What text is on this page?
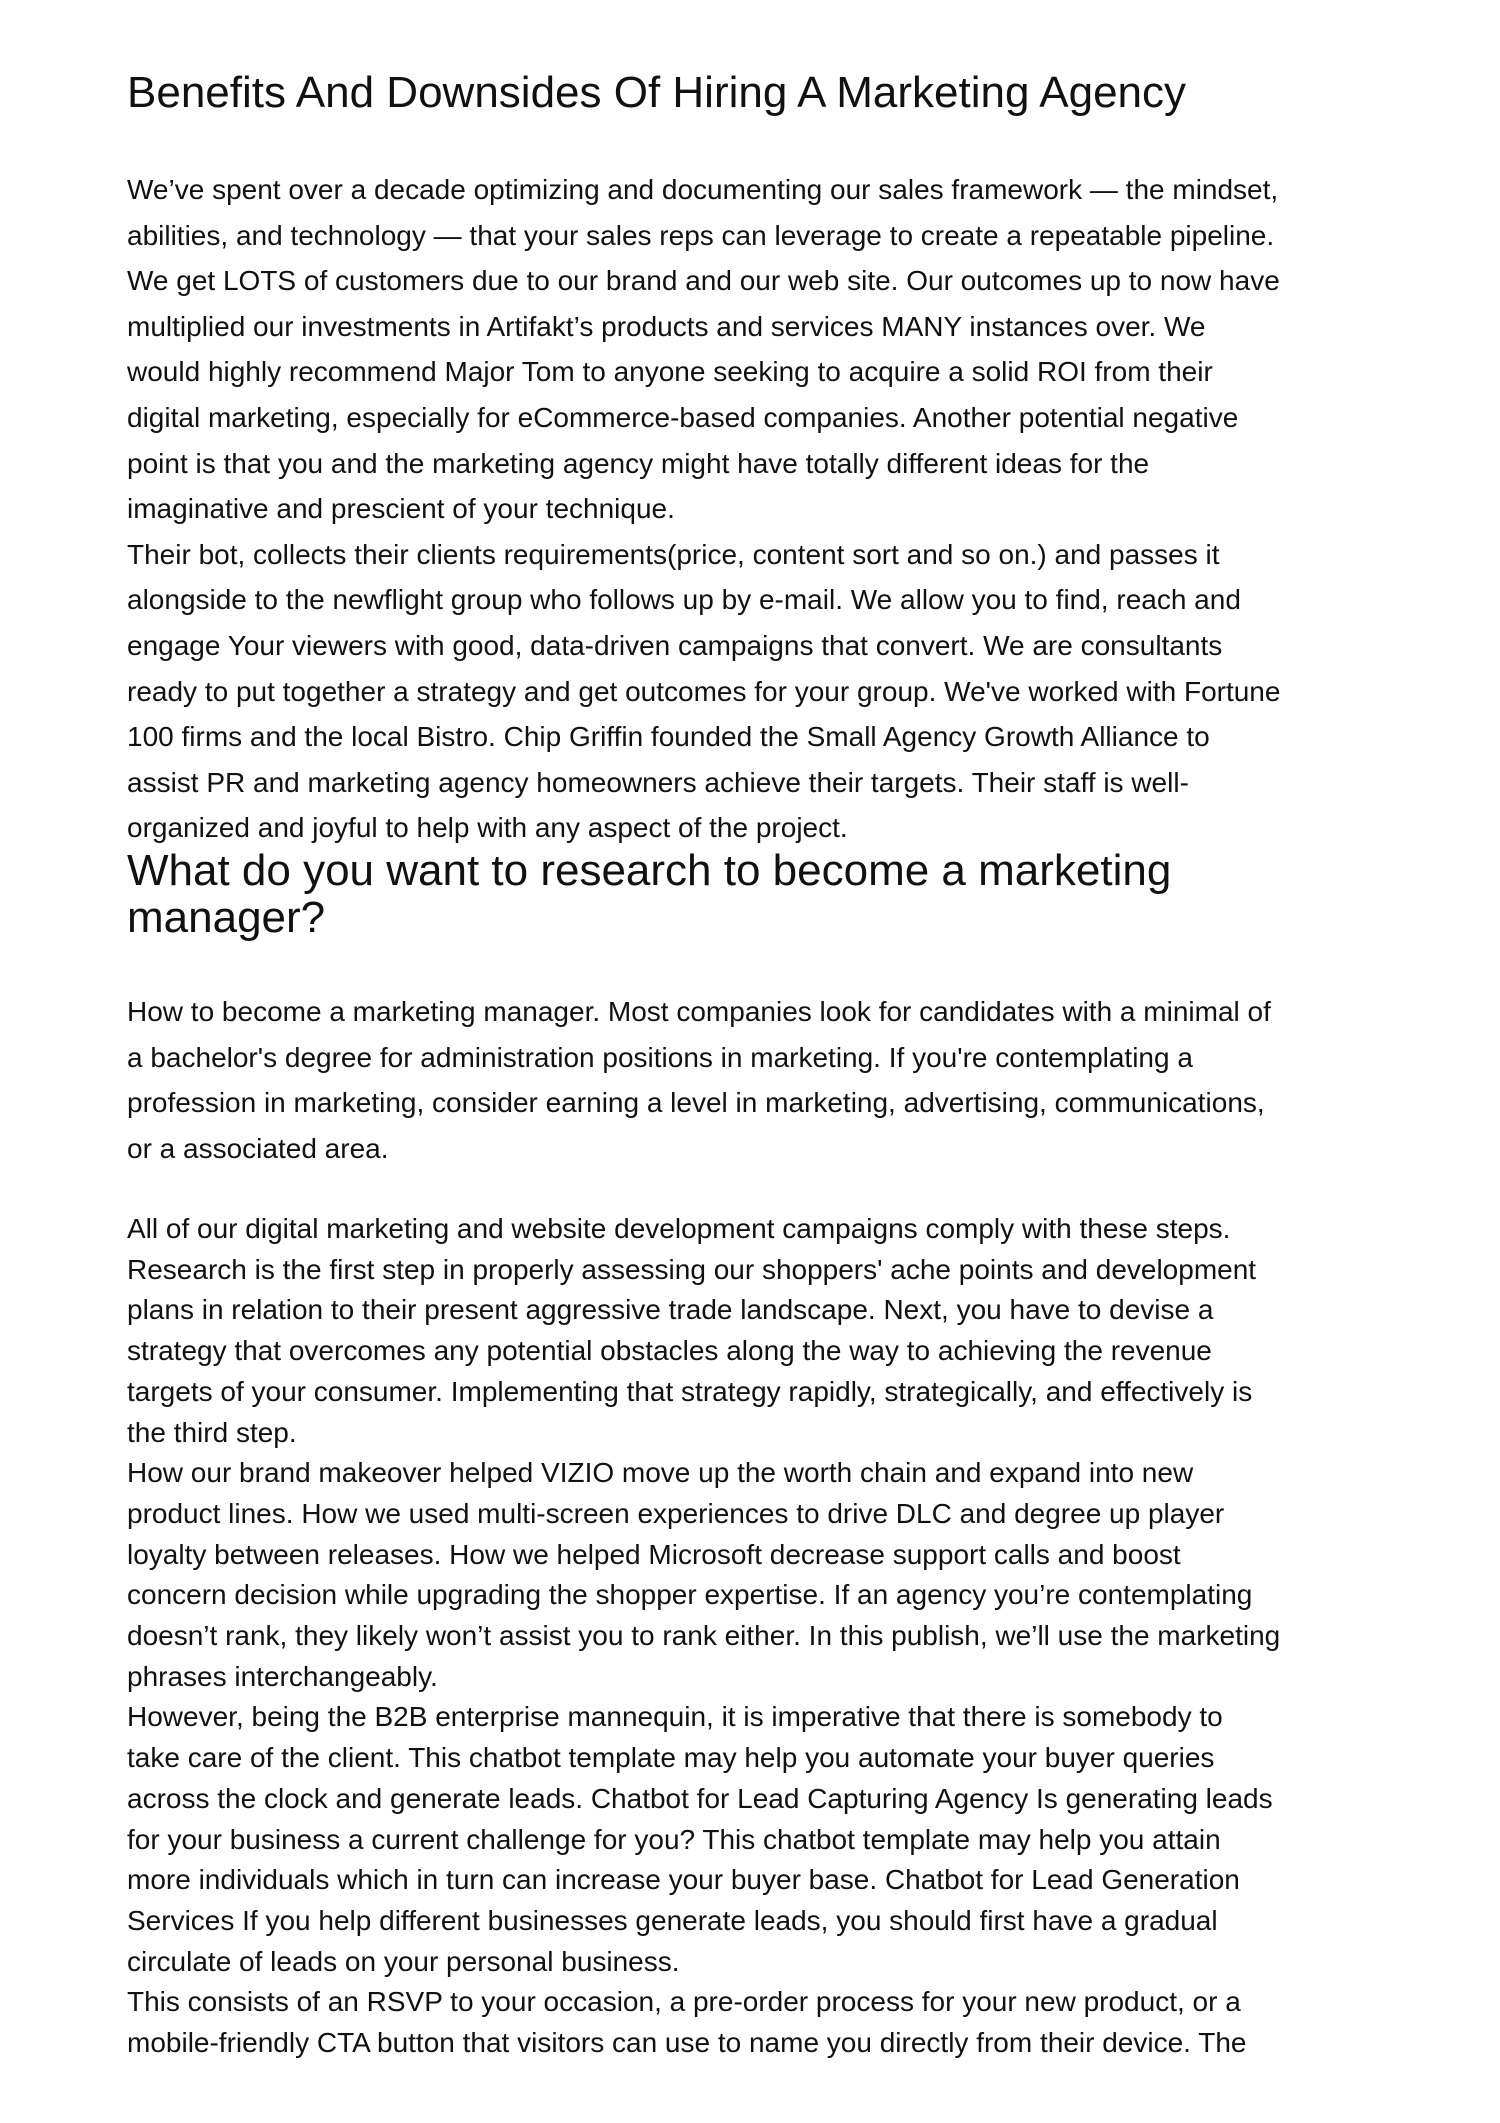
Benefits And Downsides Of Hiring A Marketing Agency

We’ve spent over a decade optimizing and documenting our sales framework — the mindset,
abilities, and technology — that your sales reps can leverage to create a repeatable pipeline.
We get LOTS of customers due to our brand and our web site. Our outcomes up to now have
multiplied our investments in Artifakt’s products and services MANY instances over. We
would highly recommend Major Tom to anyone seeking to acquire a solid ROI from their
digital marketing, especially for eCommerce-based companies. Another potential negative
point is that you and the marketing agency might have totally different ideas for the
imaginative and prescient of your technique.

Their bot, collects their clients requirements(price, content sort and so on.) and passes it
alongside to the newflight group who follows up by e-mail. We allow you to find, reach and
engage Your viewers with good, data-driven campaigns that convert. We are consultants
ready to put together a strategy and get outcomes for your group. We've worked with Fortune
100 firms and the local Bistro. Chip Griffin founded the Small Agency Growth Alliance to
assist PR and marketing agency homeowners achieve their targets. Their staff is well-
organized and joyful to help with any aspect of the project.

What do you want to research to become a marketing
manager?

How to become a marketing manager. Most companies look for candidates with a minimal of
a bachelor's degree for administration positions in marketing. If you're contemplating a
profession in marketing, consider earning a level in marketing, advertising, communications,
or a associated area.

All of our digital marketing and website development campaigns comply with these steps.
Research is the first step in properly assessing our shoppers' ache points and development
plans in relation to their present aggressive trade landscape. Next, you have to devise a
strategy that overcomes any potential obstacles along the way to achieving the revenue
targets of your consumer. Implementing that strategy rapidly, strategically, and effectively is
the third step.

How our brand makeover helped VIZIO move up the worth chain and expand into new
product lines. How we used multi-screen experiences to drive DLC and degree up player
loyalty between releases. How we helped Microsoft decrease support calls and boost
concern decision while upgrading the shopper expertise. If an agency you’re contemplating
doesn’t rank, they likely won’t assist you to rank either. In this publish, we’ll use the marketing
phrases interchangeably.

However, being the B2B enterprise mannequin, it is imperative that there is somebody to
take care of the client. This chatbot template may help you automate your buyer queries
across the clock and generate leads. Chatbot for Lead Capturing Agency Is generating leads
for your business a current challenge for you? This chatbot template may help you attain
more individuals which in turn can increase your buyer base. Chatbot for Lead Generation
Services If you help different businesses generate leads, you should first have a gradual
circulate of leads on your personal business.

This consists of an RSVP to your occasion, a pre-order process for your new product, or a
mobile-friendly CTA button that visitors can use to name you directly from their device. The
